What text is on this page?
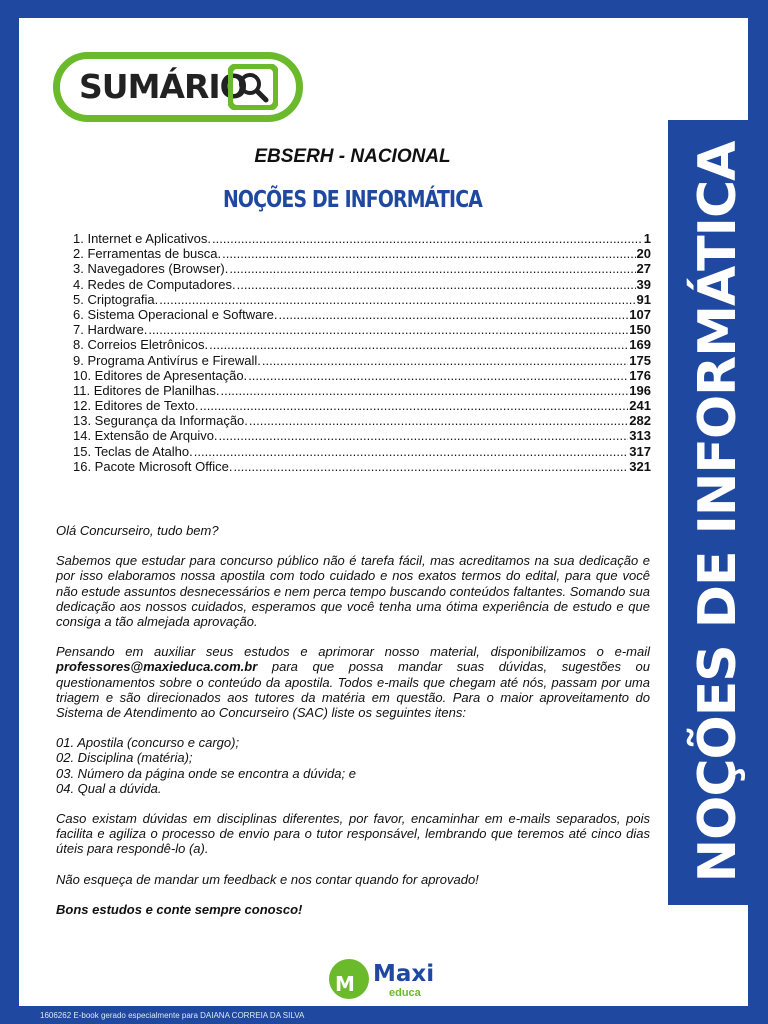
NOÇÕES DE INFORMÁTICA
SUMÁRIO
EBSERH - NACIONAL
NOÇÕES DE INFORMÁTICA
1. Internet e Aplicativos. .....	1
2. Ferramentas de busca. .....	20
3. Navegadores (Browser). .....	27
4. Redes de Computadores. .....	39
5. Criptografia. .....	91
6. Sistema Operacional e Software. .....	107
7. Hardware. .....	150
8. Correios Eletrônicos. .....	169
9. Programa Antivírus e Firewall. .....	175
10. Editores de Apresentação. .....	176
11. Editores de Planilhas. .....	196
12. Editores de Texto. .....	241
13. Segurança da Informação. .....	282
14. Extensão de Arquivo. .....	313
15. Teclas de Atalho. .....	317
16. Pacote Microsoft Office. .....	321

Olá Concurseiro, tudo bem?

Sabemos que estudar para concurso público não é tarefa fácil, mas acreditamos na sua dedicação e por isso elaboramos nossa apostila com todo cuidado e nos exatos termos do edital, para que você não estude assuntos desnecessários e nem perca tempo buscando conteúdos faltantes. Somando sua dedicação aos nossos cuidados, esperamos que você tenha uma ótima experiência de estudo e que consiga a tão almejada aprovação.

Pensando em auxiliar seus estudos e aprimorar nosso material, disponibilizamos o e-mail professores@maxieduca.com.br para que possa mandar suas dúvidas, sugestões ou questionamentos sobre o conteúdo da apostila. Todos e-mails que chegam até nós, passam por uma triagem e são direcionados aos tutores da matéria em questão. Para o maior aproveitamento do Sistema de Atendimento ao Concurseiro (SAC) liste os seguintes itens:

01. Apostila (concurso e cargo);
02. Disciplina (matéria);
03. Número da página onde se encontra a dúvida; e
04. Qual a dúvida.

Caso existam dúvidas em disciplinas diferentes, por favor, encaminhar em e-mails separados, pois facilita e agiliza o processo de envio para o tutor responsável, lembrando que teremos até cinco dias úteis para respondê-lo (a).

Não esqueça de mandar um feedback e nos contar quando for aprovado!

Bons estudos e conte sempre conosco!

M Maxi
educa
1606262 E-book gerado especialmente para DAIANA CORREIA DA SILVA
